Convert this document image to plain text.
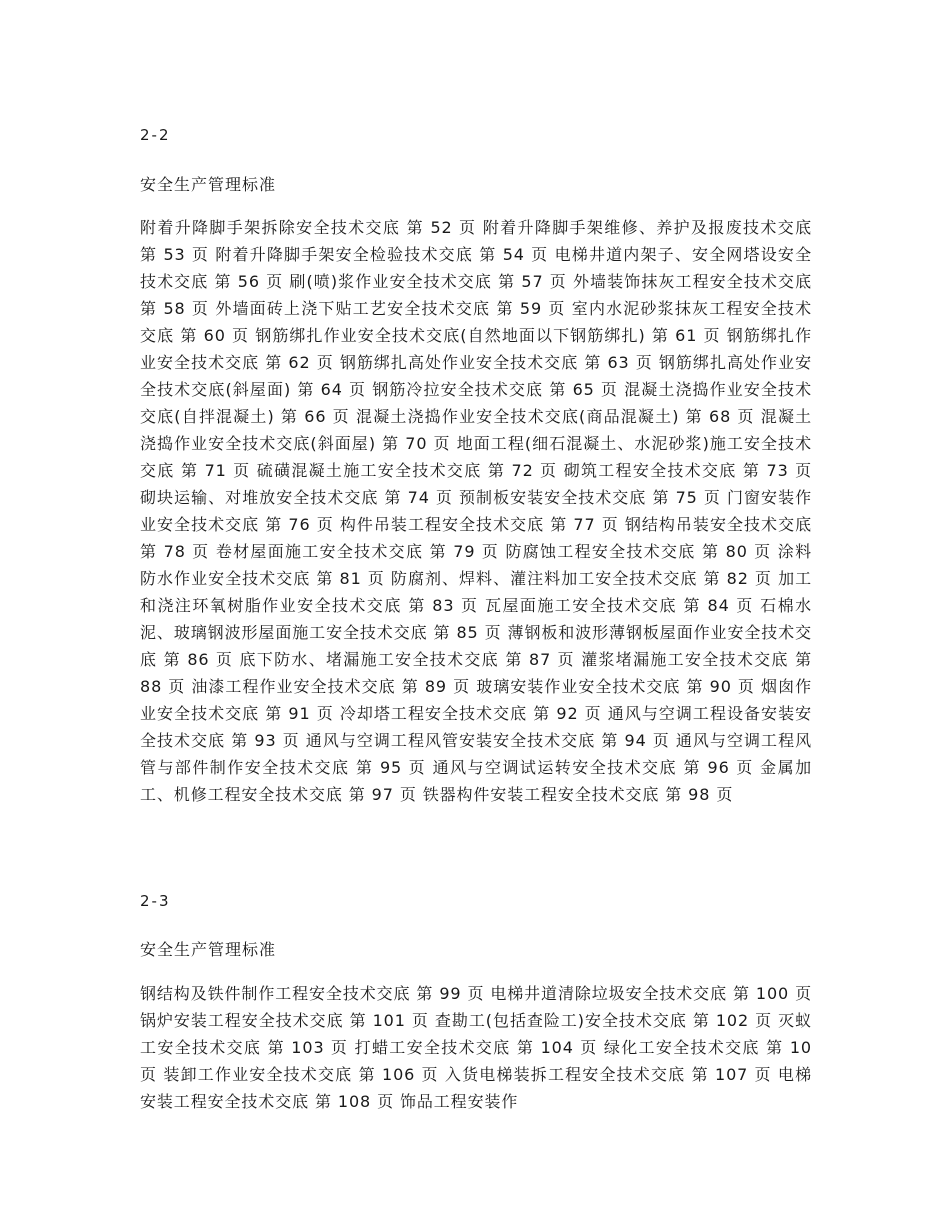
2-2
安全生产管理标准
附着升降脚手架拆除安全技术交底 第 52 页 附着升降脚手架维修、养护及报废技术交底 第 53 页 附着升降脚手架安全检验技术交底 第 54 页 电梯井道内架子、安全网塔设安全技术交底 第 56 页 刷(喷)浆作业安全技术交底 第 57 页 外墙装饰抹灰工程安全技术交底 第 58 页 外墙面砖上浇下贴工艺安全技术交底 第 59 页 室内水泥砂浆抹灰工程安全技术交底 第 60 页 钢筋绑扎作业安全技术交底(自然地面以下钢筋绑扎) 第 61 页 钢筋绑扎作业安全技术交底 第 62 页 钢筋绑扎高处作业安全技术交底 第 63 页 钢筋绑扎高处作业安全技术交底(斜屋面) 第 64 页 钢筋冷拉安全技术交底 第 65 页 混凝土浇捣作业安全技术交底(自拌混凝土) 第 66 页 混凝土浇捣作业安全技术交底(商品混凝土) 第 68 页 混凝土浇捣作业安全技术交底(斜面屋) 第 70 页 地面工程(细石混凝土、水泥砂浆)施工安全技术交底 第 71 页 硫磺混凝土施工安全技术交底 第 72 页 砌筑工程安全技术交底 第 73 页 砌块运输、对堆放安全技术交底 第 74 页 预制板安装安全技术交底 第 75 页 门窗安装作业安全技术交底 第 76 页 构件吊装工程安全技术交底 第 77 页 钢结构吊装安全技术交底 第 78 页 卷材屋面施工安全技术交底 第 79 页 防腐蚀工程安全技术交底 第 80 页 涂料防水作业安全技术交底 第 81 页 防腐剂、焊料、灌注料加工安全技术交底 第 82 页 加工和浇注环氧树脂作业安全技术交底 第 83 页 瓦屋面施工安全技术交底 第 84 页 石棉水泥、玻璃钢波形屋面施工安全技术交底 第 85 页 薄钢板和波形薄钢板屋面作业安全技术交底 第 86 页 底下防水、堵漏施工安全技术交底 第 87 页 灌浆堵漏施工安全技术交底 第 88 页 油漆工程作业安全技术交底 第 89 页 玻璃安装作业安全技术交底 第 90 页 烟囱作业安全技术交底 第 91 页 冷却塔工程安全技术交底 第 92 页 通风与空调工程设备安装安全技术交底 第 93 页 通风与空调工程风管安装安全技术交底 第 94 页 通风与空调工程风管与部件制作安全技术交底 第 95 页 通风与空调试运转安全技术交底 第 96 页 金属加工、机修工程安全技术交底 第 97 页 铁器构件安装工程安全技术交底 第 98 页
2-3
安全生产管理标准
钢结构及铁件制作工程安全技术交底 第 99 页 电梯井道清除垃圾安全技术交底 第 100 页 锅炉安装工程安全技术交底 第 101 页 查勘工(包括查险工)安全技术交底 第 102 页 灭蚁工安全技术交底 第 103 页 打蜡工安全技术交底 第 104 页 绿化工安全技术交底 第 10 页 装卸工作业安全技术交底 第 106 页 入货电梯装拆工程安全技术交底 第 107 页 电梯安装工程安全技术交底 第 108 页 饰品工程安装作
